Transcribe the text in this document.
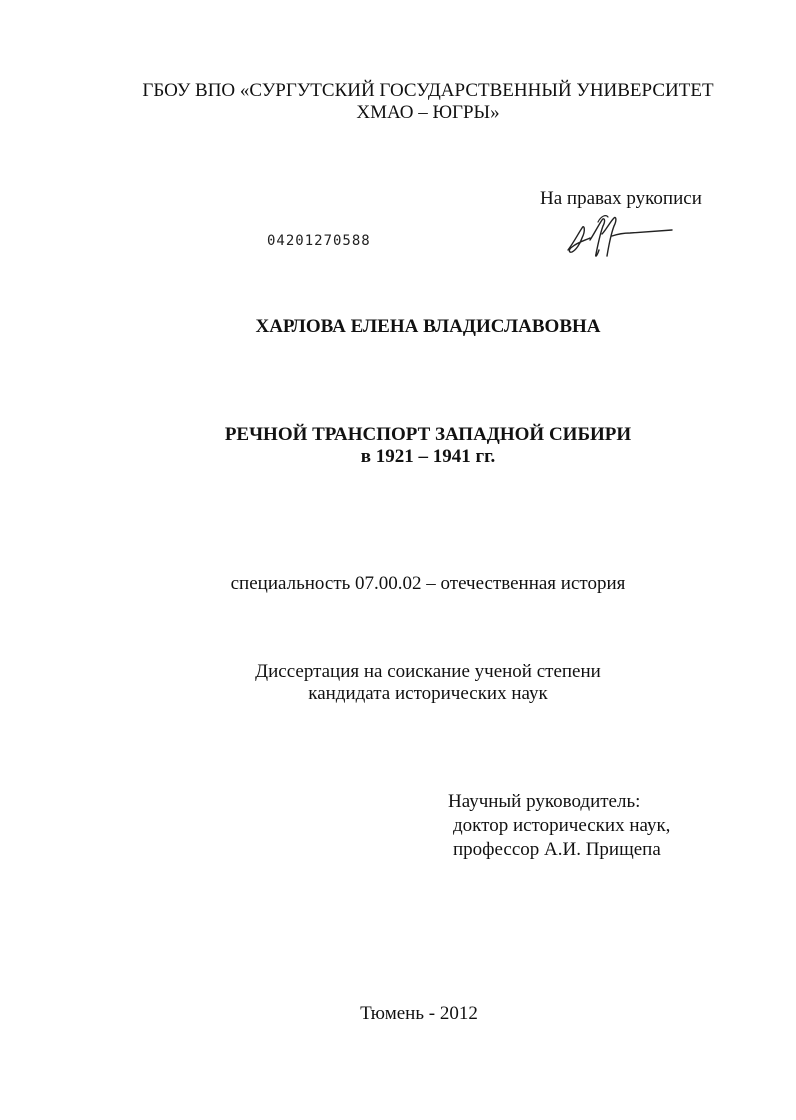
ГБОУ ВПО «СУРГУТСКИЙ ГОСУДАРСТВЕННЫЙ УНИВЕРСИТЕТ
ХМАО – ЮГРЫ»
На правах рукописи
04201270588
ХАРЛОВА ЕЛЕНА ВЛАДИСЛАВОВНА
РЕЧНОЙ ТРАНСПОРТ ЗАПАДНОЙ СИБИРИ
в 1921 – 1941 гг.
специальность 07.00.02 – отечественная история
Диссертация на соискание ученой степени
кандидата исторических наук
Научный руководитель:
доктор исторических наук,
профессор А.И. Прищепа
Тюмень - 2012
